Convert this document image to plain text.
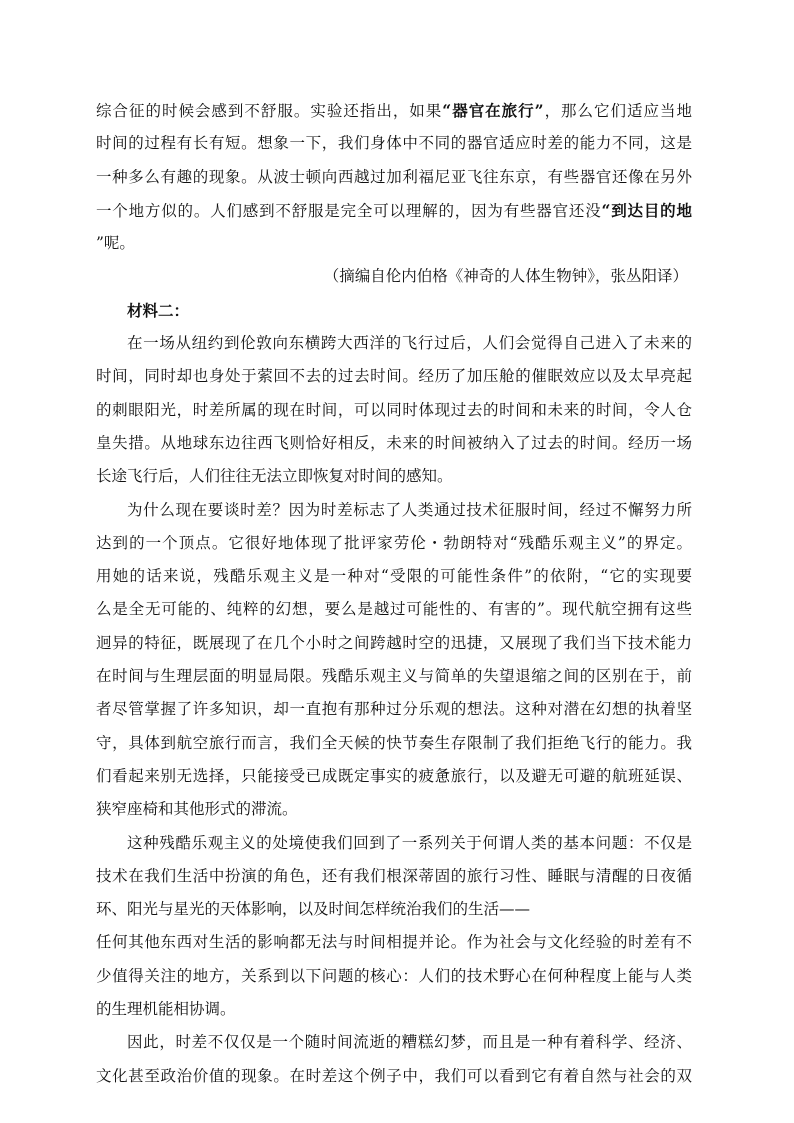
综合征的时候会感到不舒服。实验还指出，如果“器官在旅行”，那么它们适应当地
时间的过程有长有短。想象一下，我们身体中不同的器官适应时差的能力不同，这是
一种多么有趣的现象。从波士顿向西越过加利福尼亚飞往东京，有些器官还像在另外
一个地方似的。人们感到不舒服是完全可以理解的，因为有些器官还没“到达目的地
”呢。
（摘编自伦内伯格《神奇的人体生物钟》，张丛阳译）
材料二：
在一场从纽约到伦敦向东横跨大西洋的飞行过后，人们会觉得自己进入了未来的
时间，同时却也身处于萦回不去的过去时间。经历了加压舱的催眠效应以及太早亮起
的刺眼阳光，时差所属的现在时间，可以同时体现过去的时间和未来的时间，令人仓
皇失措。从地球东边往西飞则恰好相反，未来的时间被纳入了过去的时间。经历一场
长途飞行后，人们往往无法立即恢复对时间的感知。
为什么现在要谈时差？因为时差标志了人类通过技术征服时间，经过不懈努力所
达到的一个顶点。它很好地体现了批评家劳伦・勃朗特对“残酷乐观主义”的界定。
用她的话来说，残酷乐观主义是一种对“受限的可能性条件”的依附，“它的实现要
么是全无可能的、纯粹的幻想，要么是越过可能性的、有害的”。现代航空拥有这些
迥异的特征，既展现了在几个小时之间跨越时空的迅捷，又展现了我们当下技术能力
在时间与生理层面的明显局限。残酷乐观主义与简单的失望退缩之间的区别在于，前
者尽管掌握了许多知识，却一直抱有那种过分乐观的想法。这种对潜在幻想的执着坚
守，具体到航空旅行而言，我们全天候的快节奏生存限制了我们拒绝飞行的能力。我
们看起来别无选择，只能接受已成既定事实的疲惫旅行，以及避无可避的航班延误、
狭窄座椅和其他形式的滞流。
这种残酷乐观主义的处境使我们回到了一系列关于何谓人类的基本问题：不仅是
技术在我们生活中扮演的角色，还有我们根深蒂固的旅行习性、睡眠与清醒的日夜循
环、阳光与星光的天体影响，以及时间怎样统治我们的生活——
任何其他东西对生活的影响都无法与时间相提并论。作为社会与文化经验的时差有不
少值得关注的地方，关系到以下问题的核心：人们的技术野心在何种程度上能与人类
的生理机能相协调。
因此，时差不仅仅是一个随时间流逝的糟糕幻梦，而且是一种有着科学、经济、
文化甚至政治价值的现象。在时差这个例子中，我们可以看到它有着自然与社会的双
